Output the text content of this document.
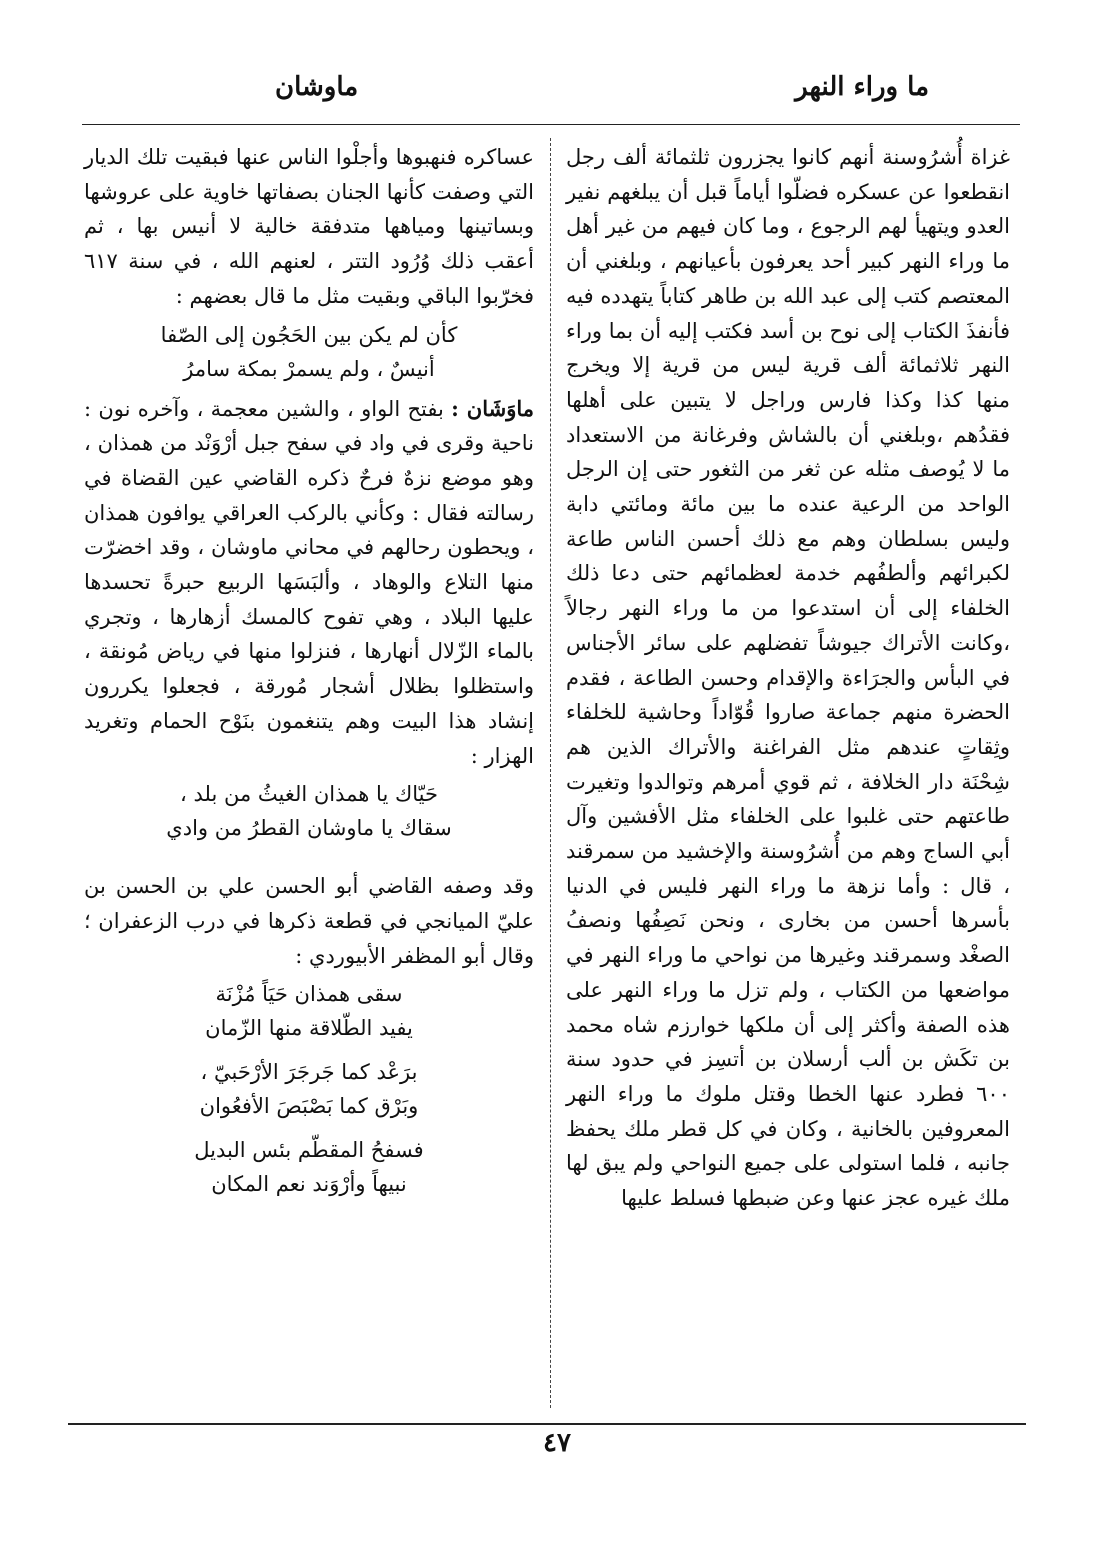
ما وراء النهر
ماوشان

غزاة أُشرُوسنة أنهم كانوا يجزرون ثلثمائة ألف رجل انقطعوا عن عسكره فضلّوا أياماً قبل أن يبلغهم نفير العدو ويتهيأ لهم الرجوع ، وما كان فيهم من غير أهل ما وراء النهر كبير أحد يعرفون بأعيانهم ، وبلغني أن المعتصم كتب إلى عبد الله بن طاهر كتاباً يتهدده فيه فأنفذَ الكتاب إلى نوح بن أسد فكتب إليه أن بما وراء النهر ثلاثمائة ألف قرية ليس من قرية إلا ويخرج منها كذا وكذا فارس وراجل لا يتبين على أهلها فقدُهم ،وبلغني أن بالشاش وفرغانة من الاستعداد ما لا يُوصف مثله عن ثغر من الثغور حتى إن الرجل الواحد من الرعية عنده ما بين مائة ومائتي دابة وليس بسلطان وهم مع ذلك أحسن الناس طاعة لكبرائهم وألطفُهم خدمة لعظمائهم حتى دعا ذلك الخلفاء إلى أن استدعوا من ما وراء النهر رجالاً ،وكانت الأتراك جيوشاً تفضلهم على سائر الأجناس في البأس والجرَاءة والإقدام وحسن الطاعة ، فقدم الحضرة منهم جماعة صاروا قُوّاداً وحاشية للخلفاء وثِقاتٍ عندهم مثل الفراغنة والأتراك الذين هم شِحْنَة دار الخلافة ، ثم قوي أمرهم وتوالدوا وتغيرت طاعتهم حتى غلبوا على الخلفاء مثل الأفشين وآل أبي الساج وهم من أُشرُوسنة والإخشيد من سمرقند ، قال : وأما نزهة ما وراء النهر فليس في الدنيا بأسرها أحسن من بخارى ، ونحن نَصِفُها ونصفُ الصغْد وسمرقند وغيرها من نواحي ما وراء النهر في مواضعها من الكتاب ، ولم تزل ما وراء النهر على هذه الصفة وأكثر إلى أن ملكها خوارزم شاه محمد بن تكَش بن ألب أرسلان بن أتسِز في حدود سنة ٦٠٠ فطرد عنها الخطا وقتل ملوك ما وراء النهر المعروفين بالخانية ، وكان في كل قطر ملك يحفظ جانبه ، فلما استولى على جميع النواحي ولم يبق لها ملك غيره عجز عنها وعن ضبطها فسلط عليها

عساكره فنهبوها وأجلْوا الناس عنها فبقيت تلك الديار التي وصفت كأنها الجنان بصفاتها خاوية على عروشها وبساتينها ومياهها متدفقة خالية لا أنيس بها ، ثم أعقب ذلك وُرُود التتر ، لعنهم الله ، في سنة ٦١٧ فخرّبوا الباقي وبقيت مثل ما قال بعضهم :

كأن لم يكن بين الحَجُون إلى الصّفا
أنيسٌ ، ولم يسمرْ بمكة سامرُ

ماوَشَان : بفتح الواو ، والشين معجمة ، وآخره نون : ناحية وقرى في واد في سفح جبل أرْوَنْد من همذان ، وهو موضع نزهٌ فرحٌ ذكره القاضي عين القضاة في رسالته فقال : وكأني بالركب العراقي يوافون همذان ، ويحطون رحالهم في محاني ماوشان ، وقد اخضرّت منها التلاع والوهاد ، وألبَسَها الربيع حبرةً تحسدها عليها البلاد ، وهي تفوح كالمسك أزهارها ، وتجري بالماء الزّلال أنهارها ، فنزلوا منها في رياض مُونقة ، واستظلوا بظلال أشجار مُورقة ، فجعلوا يكررون إنشاد هذا البيت وهم يتنغمون بنَوْح الحمام وتغريد الهزار :

حَيّاك يا همذان الغيثُ من بلد ،
سقاك يا ماوشان القطرُ من وادي

وقد وصفه القاضي أبو الحسن علي بن الحسن بن عليّ الميانجي في قطعة ذكرها في درب الزعفران ؛ وقال أبو المظفر الأبيوردي :

سقى همذان حَيَاً مُزْنَة
يفيد الطّلاقة منها الزّمان
برَعْد كما جَرجَرَ الأرْحَبيّ ،
وبَرْق كما بَصْبَصَ الأفعُوان
فسفحُ المقطّم بئس البديل
نبيهاً وأرْوَند نعم المكان
٤٧
